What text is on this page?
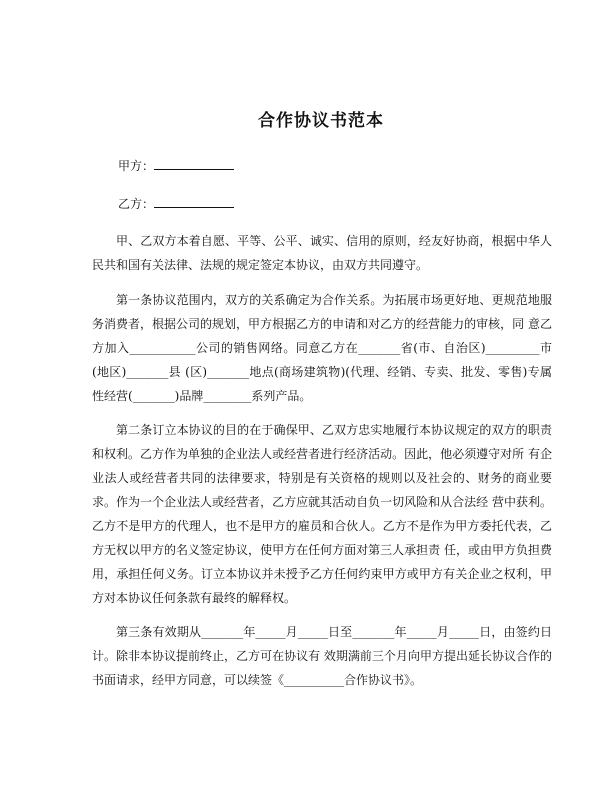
合作协议书范本
甲方：
乙方：

甲、乙双方本着自愿、平等、公平、诚实、信用的原则，经友好协商，根据中华人民共和国有关法律、法规的规定签定本协议，由双方共同遵守。

第一条协议范围内，双方的关系确定为合作关系。为拓展市场更好地、更规范地服务消费者，根据公司的规划，甲方根据乙方的申请和对乙方的经营能力的审核，同 意乙方加入___________公司的销售网络。同意乙方在_______省(市、自治区)_________市(地区)_______县 (区)_______地点(商场建筑物)(代理、经销、专卖、批发、零售)专属性经营(_______)品牌________系列产品。

第二条订立本协议的目的在于确保甲、乙双方忠实地履行本协议规定的双方的职责和权利。乙方作为单独的企业法人或经营者进行经济活动。因此，他必须遵守对所 有企业法人或经营者共同的法律要求，特别是有关资格的规则以及社会的、财务的商业要求。作为一个企业法人或经营者，乙方应就其活动自负一切风险和从合法经 营中获利。乙方不是甲方的代理人，也不是甲方的雇员和合伙人。乙方不是作为甲方委托代表，乙方无权以甲方的名义签定协议，使甲方在任何方面对第三人承担责 任，或由甲方负担费用，承担任何义务。订立本协议并未授予乙方任何约束甲方或甲方有关企业之权利，甲方对本协议任何条款有最终的解释权。

第三条有效期从_______年_____月_____日至_______年_____月_____日，由签约日计。除非本协议提前终止，乙方可在协议有 效期满前三个月向甲方提出延长协议合作的书面请求，经甲方同意，可以续签《__________合作协议书》。
